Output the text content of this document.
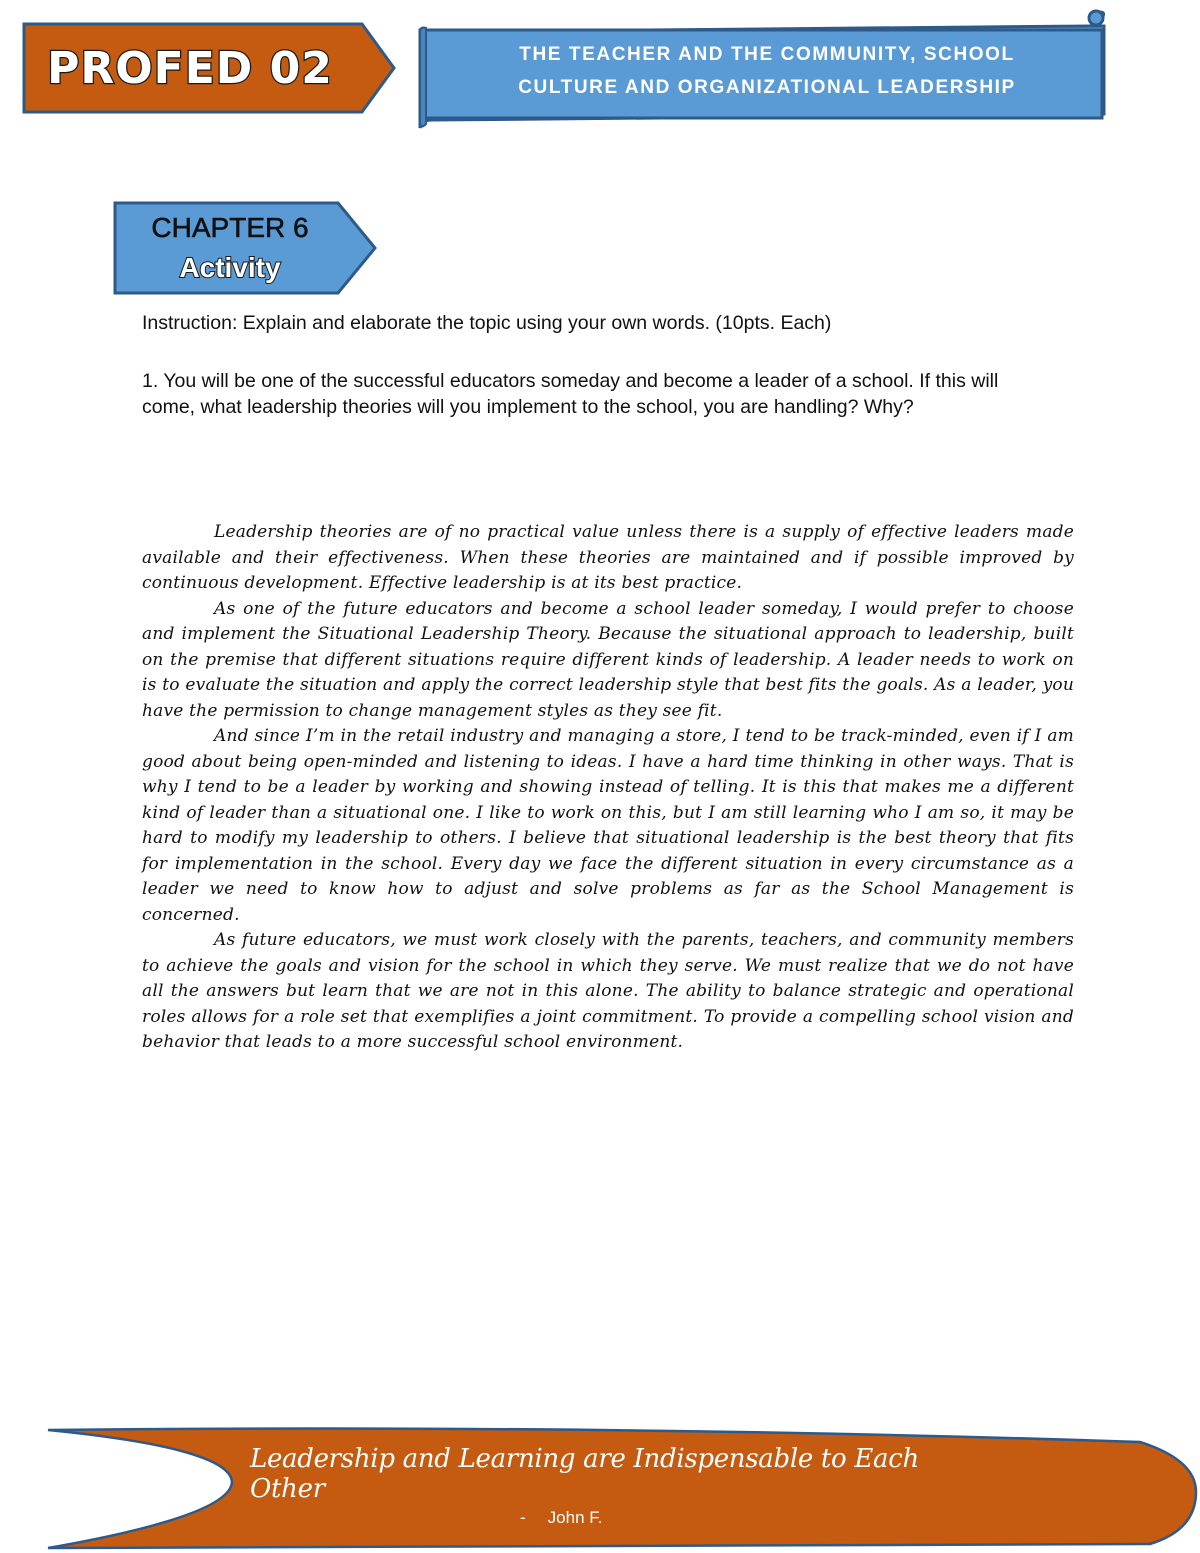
PROFED 02	THE TEACHER AND THE COMMUNITY, SCHOOL
CULTURE AND ORGANIZATIONAL LEADERSHIP
CHAPTER 6
Activity
Instruction: Explain and elaborate the topic using your own words. (10pts. Each)
1. You will be one of the successful educators someday and become a leader of a school. If this will come, what leadership theories will you implement to the school, you are handling? Why?

Leadership theories are of no practical value unless there is a supply of effective leaders made available and their effectiveness. When these theories are maintained and if possible improved by continuous development. Effective leadership is at its best practice.

As one of the future educators and become a school leader someday, I would prefer to choose and implement the Situational Leadership Theory. Because the situational approach to leadership, built on the premise that different situations require different kinds of leadership. A leader needs to work on is to evaluate the situation and apply the correct leadership style that best fits the goals. As a leader, you have the permission to change management styles as they see fit.

And since I’m in the retail industry and managing a store, I tend to be track-minded, even if I am good about being open-minded and listening to ideas. I have a hard time thinking in other ways. That is why I tend to be a leader by working and showing instead of telling. It is this that makes me a different kind of leader than a situational one. I like to work on this, but I am still learning who I am so, it may be hard to modify my leadership to others. I believe that situational leadership is the best theory that fits for implementation in the school. Every day we face the different situation in every circumstance as a leader we need to know how to adjust and solve problems as far as the School Management is concerned.

As future educators, we must work closely with the parents, teachers, and community members to achieve the goals and vision for the school in which they serve. We must realize that we do not have all the answers but learn that we are not in this alone. The ability to balance strategic and operational roles allows for a role set that exemplifies a joint commitment. To provide a compelling school vision and behavior that leads to a more successful school environment.

Leadership and Learning are Indispensable to Each Other
- John F.
